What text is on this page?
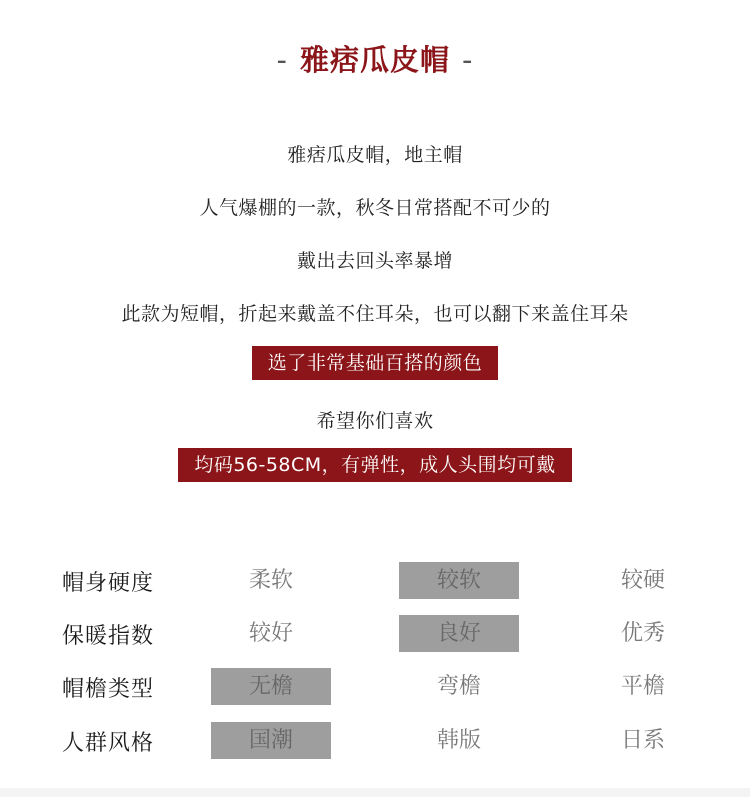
- 雅痞瓜皮帽 -
雅痞瓜皮帽，地主帽
人气爆棚的一款，秋冬日常搭配不可少的
戴出去回头率暴增
此款为短帽，折起来戴盖不住耳朵，也可以翻下来盖住耳朵
选了非常基础百搭的颜色
希望你们喜欢
均码56-58CM，有弹性，成人头围均可戴
帽身硬度	柔软	较软	较硬
保暖指数	较好	良好	优秀
帽檐类型	无檐	弯檐	平檐
人群风格	国潮	韩版	日系
